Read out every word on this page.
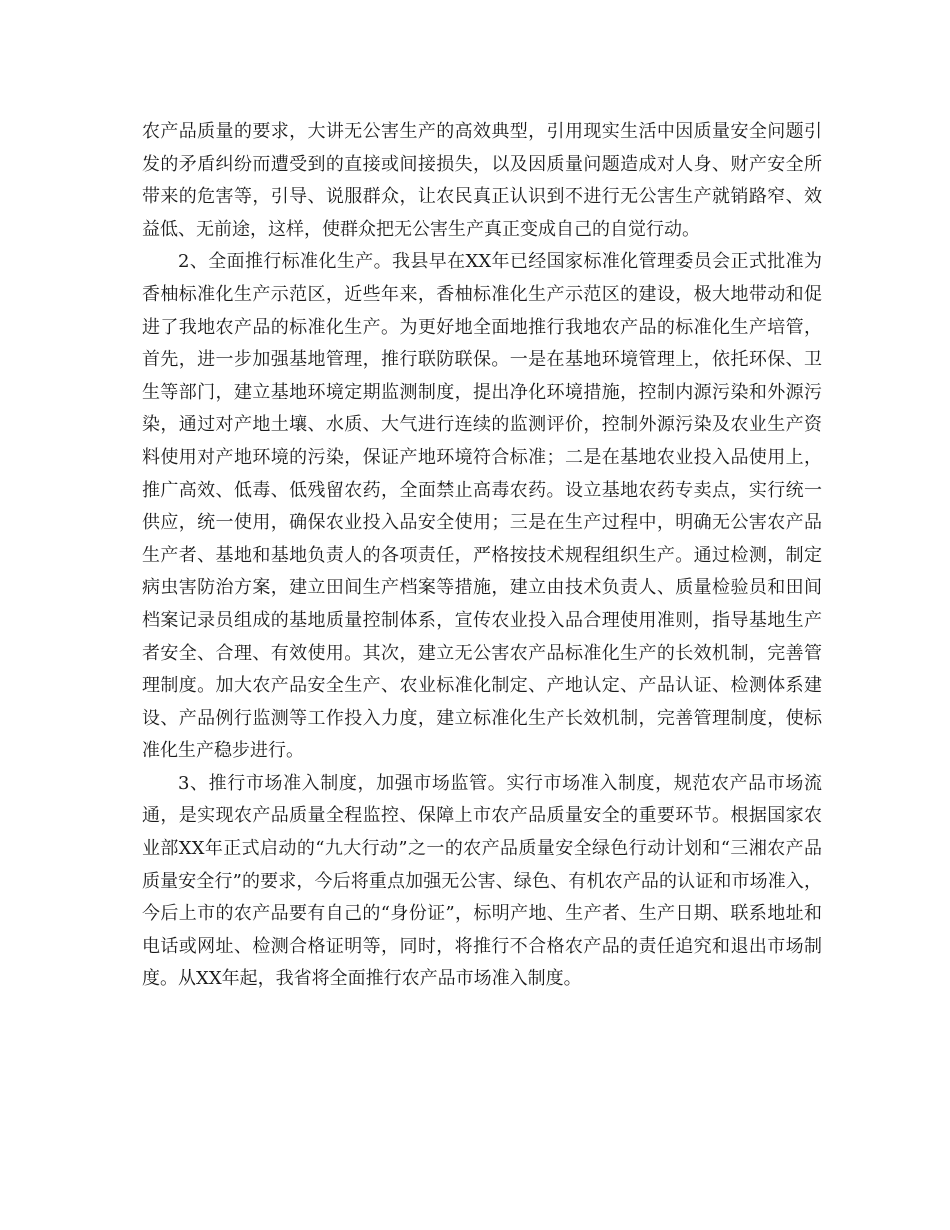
农产品质量的要求，大讲无公害生产的高效典型，引用现实生活中因质量安全问题引发的矛盾纠纷而遭受到的直接或间接损失，以及因质量问题造成对人身、财产安全所带来的危害等，引导、说服群众，让农民真正认识到不进行无公害生产就销路窄、效益低、无前途，这样，使群众把无公害生产真正变成自己的自觉行动。

2、全面推行标准化生产。我县早在XX年已经国家标准化管理委员会正式批准为香柚标准化生产示范区，近些年来，香柚标准化生产示范区的建设，极大地带动和促进了我地农产品的标准化生产。为更好地全面地推行我地农产品的标准化生产培管，首先，进一步加强基地管理，推行联防联保。一是在基地环境管理上，依托环保、卫生等部门，建立基地环境定期监测制度，提出净化环境措施，控制内源污染和外源污染，通过对产地土壤、水质、大气进行连续的监测评价，控制外源污染及农业生产资料使用对产地环境的污染，保证产地环境符合标准；二是在基地农业投入品使用上，推广高效、低毒、低残留农药，全面禁止高毒农药。设立基地农药专卖点，实行统一供应，统一使用，确保农业投入品安全使用；三是在生产过程中，明确无公害农产品生产者、基地和基地负责人的各项责任，严格按技术规程组织生产。通过检测，制定病虫害防治方案，建立田间生产档案等措施，建立由技术负责人、质量检验员和田间档案记录员组成的基地质量控制体系，宣传农业投入品合理使用准则，指导基地生产者安全、合理、有效使用。其次，建立无公害农产品标准化生产的长效机制，完善管理制度。加大农产品安全生产、农业标准化制定、产地认定、产品认证、检测体系建设、产品例行监测等工作投入力度，建立标准化生产长效机制，完善管理制度，使标准化生产稳步进行。

3、推行市场准入制度，加强市场监管。实行市场准入制度，规范农产品市场流通，是实现农产品质量全程监控、保障上市农产品质量安全的重要环节。根据国家农业部XX年正式启动的“九大行动”之一的农产品质量安全绿色行动计划和“三湘农产品质量安全行”的要求，今后将重点加强无公害、绿色、有机农产品的认证和市场准入，今后上市的农产品要有自己的“身份证”，标明产地、生产者、生产日期、联系地址和电话或网址、检测合格证明等，同时，将推行不合格农产品的责任追究和退出市场制度。从XX年起，我省将全面推行农产品市场准入制度。
